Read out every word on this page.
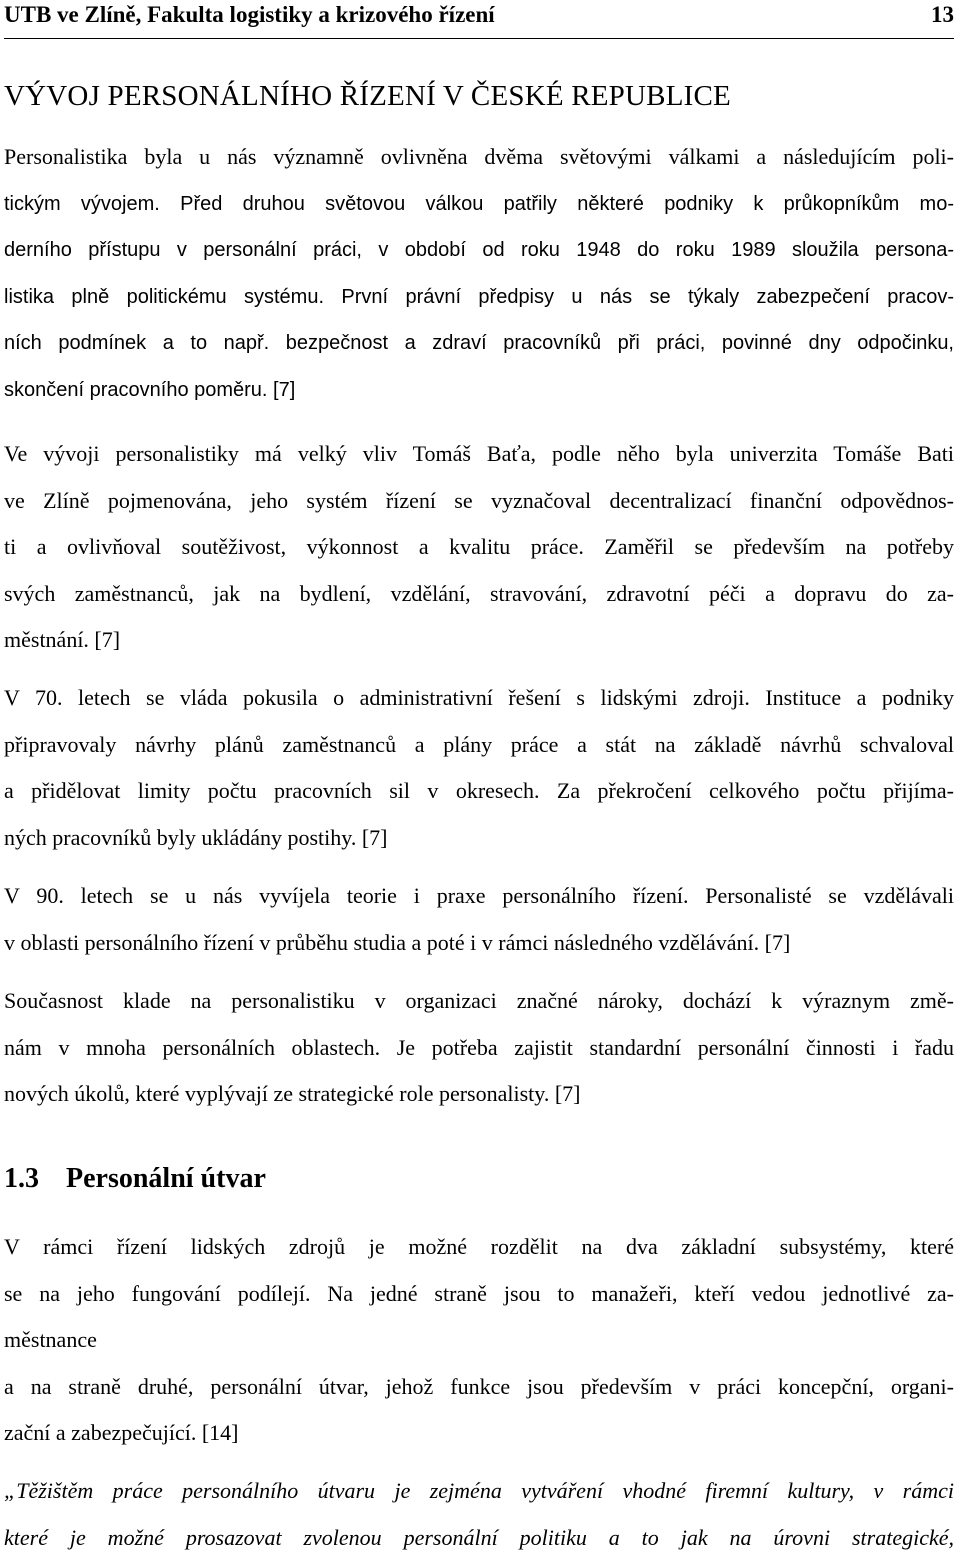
UTB ve Zlíně, Fakulta logistiky a krizového řízení	13
VÝVOJ PERSONÁLNÍHO ŘÍZENÍ V ČESKÉ REPUBLICE
Personalistika byla u nás významně ovlivněna dvěma světovými válkami a následujícím poli-
tickým vývojem. Před druhou světovou válkou patřily některé podniky k průkopníkům mo-
derního přístupu v personální práci, v období od roku 1948 do roku 1989 sloužila persona-
listika plně politickému systému. První právní předpisy u nás se týkaly zabezpečení pracov-
ních podmínek a to např. bezpečnost a zdraví pracovníků při práci, povinné dny odpočinku,
skončení pracovního poměru. [7]
Ve vývoji personalistiky má velký vliv Tomáš Baťa, podle něho byla univerzita Tomáše Bati
ve Zlíně pojmenována, jeho systém řízení se vyznačoval decentralizací finanční odpovědnos-
ti a ovlivňoval soutěživost, výkonnost a kvalitu práce. Zaměřil se především na potřeby
svých zaměstnanců, jak na bydlení, vzdělání, stravování, zdravotní péči a dopravu do za-
městnání. [7]
V 70. letech se vláda pokusila o administrativní řešení s lidskými zdroji. Instituce a podniky
připravovaly návrhy plánů zaměstnanců a plány práce a stát na základě návrhů schvaloval
a přidělovat limity počtu pracovních sil v okresech. Za překročení celkového počtu přijíma-
ných pracovníků byly ukládány postihy. [7]
V 90. letech se u nás vyvíjela teorie i praxe personálního řízení. Personalisté se vzdělávali
v oblasti personálního řízení v průběhu studia a poté i v rámci následného vzdělávání. [7]
Současnost klade na personalistiku v organizaci značné nároky, dochází k výraznym změ-
nám v mnoha personálních oblastech. Je potřeba zajistit standardní personální činnosti i řadu
nových úkolů, které vyplývají ze strategické role personalisty. [7]
1.3 Personální útvar
V rámci řízení lidských zdrojů je možné rozdělit na dva základní subsystémy, které
se na jeho fungování podílejí. Na jedné straně jsou to manažeři, kteří vedou jednotlivé za-
městnance
a na straně druhé, personální útvar, jehož funkce jsou především v práci koncepční, organi-
zační a zabezpečující. [14]
„Těžištěm práce personálního útvaru je zejména vytváření vhodné firemní kultury, v rámci
které je možné prosazovat zvolenou personální politiku a to jak na úrovni strategické,
